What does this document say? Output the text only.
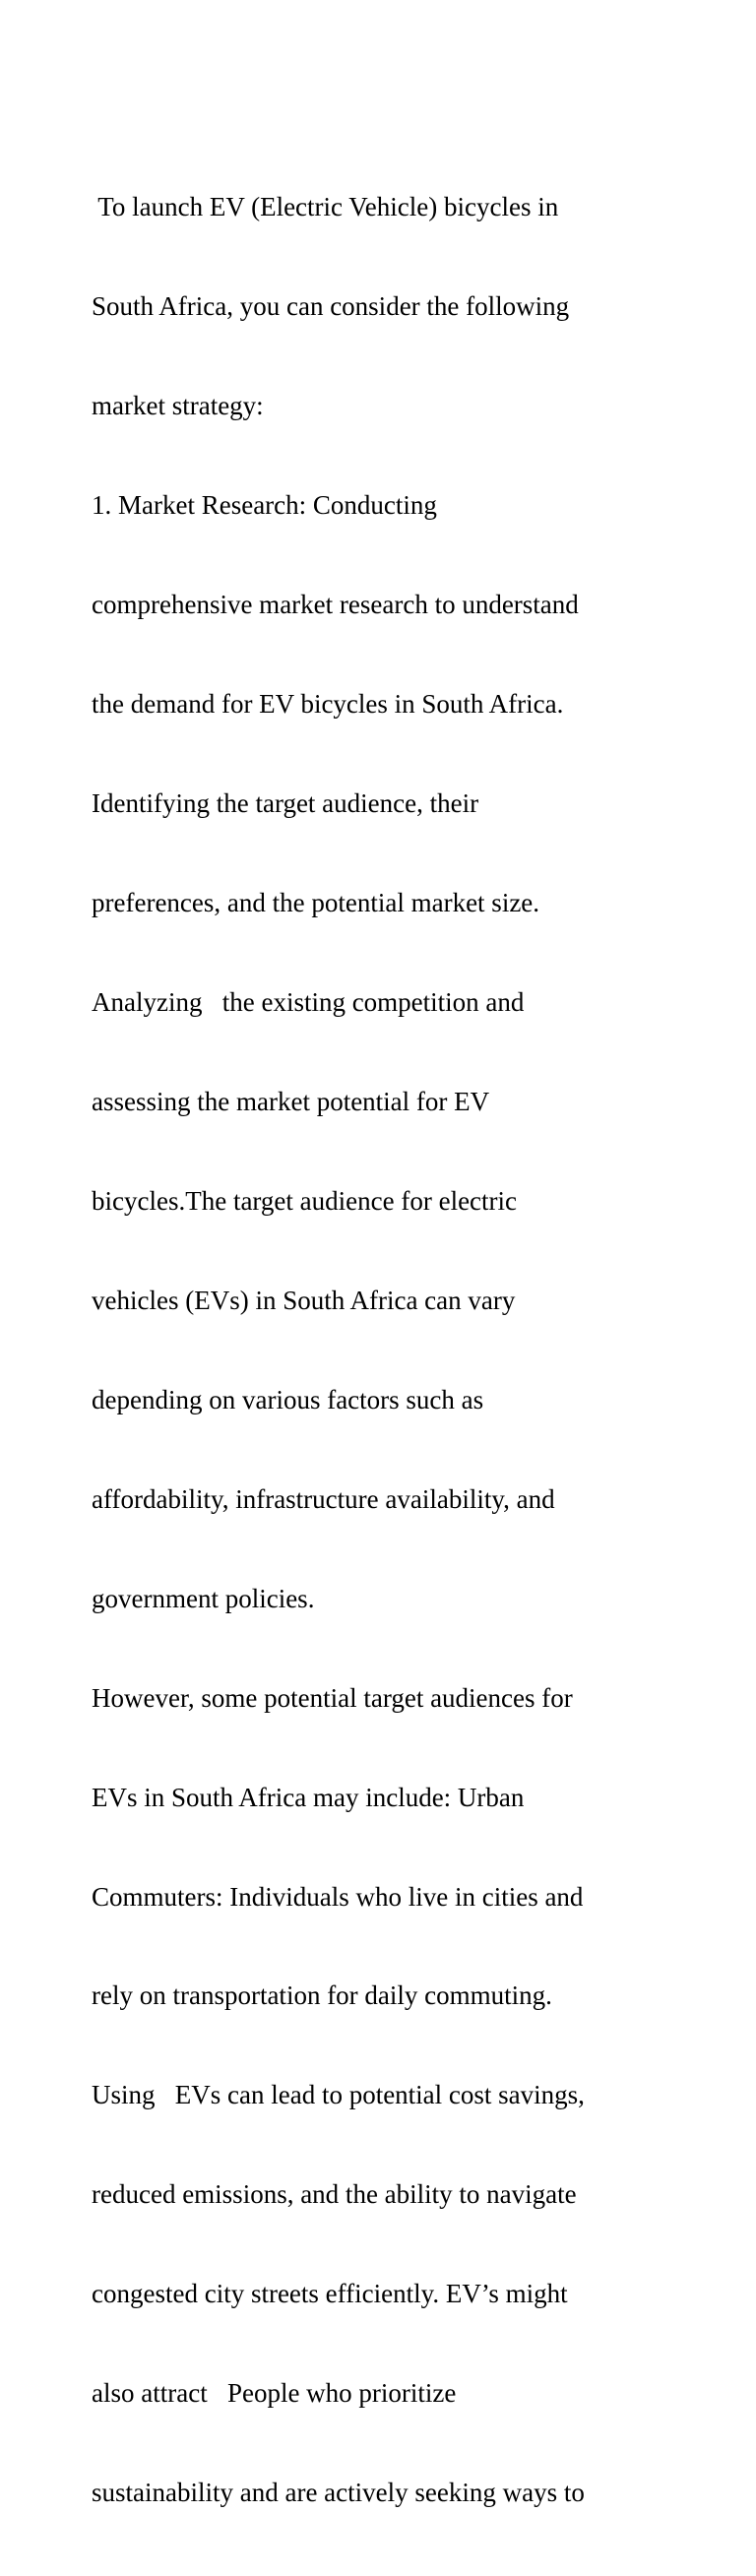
To launch EV (Electric Vehicle) bicycles in

South Africa, you can consider the following

market strategy:

1. Market Research: Conducting

comprehensive market research to understand

the demand for EV bicycles in South Africa.

Identifying the target audience, their

preferences, and the potential market size.

Analyzing   the existing competition and

assessing the market potential for EV

bicycles.The target audience for electric

vehicles (EVs) in South Africa can vary

depending on various factors such as

affordability, infrastructure availability, and

government policies.

However, some potential target audiences for

EVs in South Africa may include: Urban

Commuters: Individuals who live in cities and

rely on transportation for daily commuting.

Using   EVs can lead to potential cost savings,

reduced emissions, and the ability to navigate

congested city streets efficiently. EV’s might

also attract   People who prioritize

sustainability and are actively seeking ways to
